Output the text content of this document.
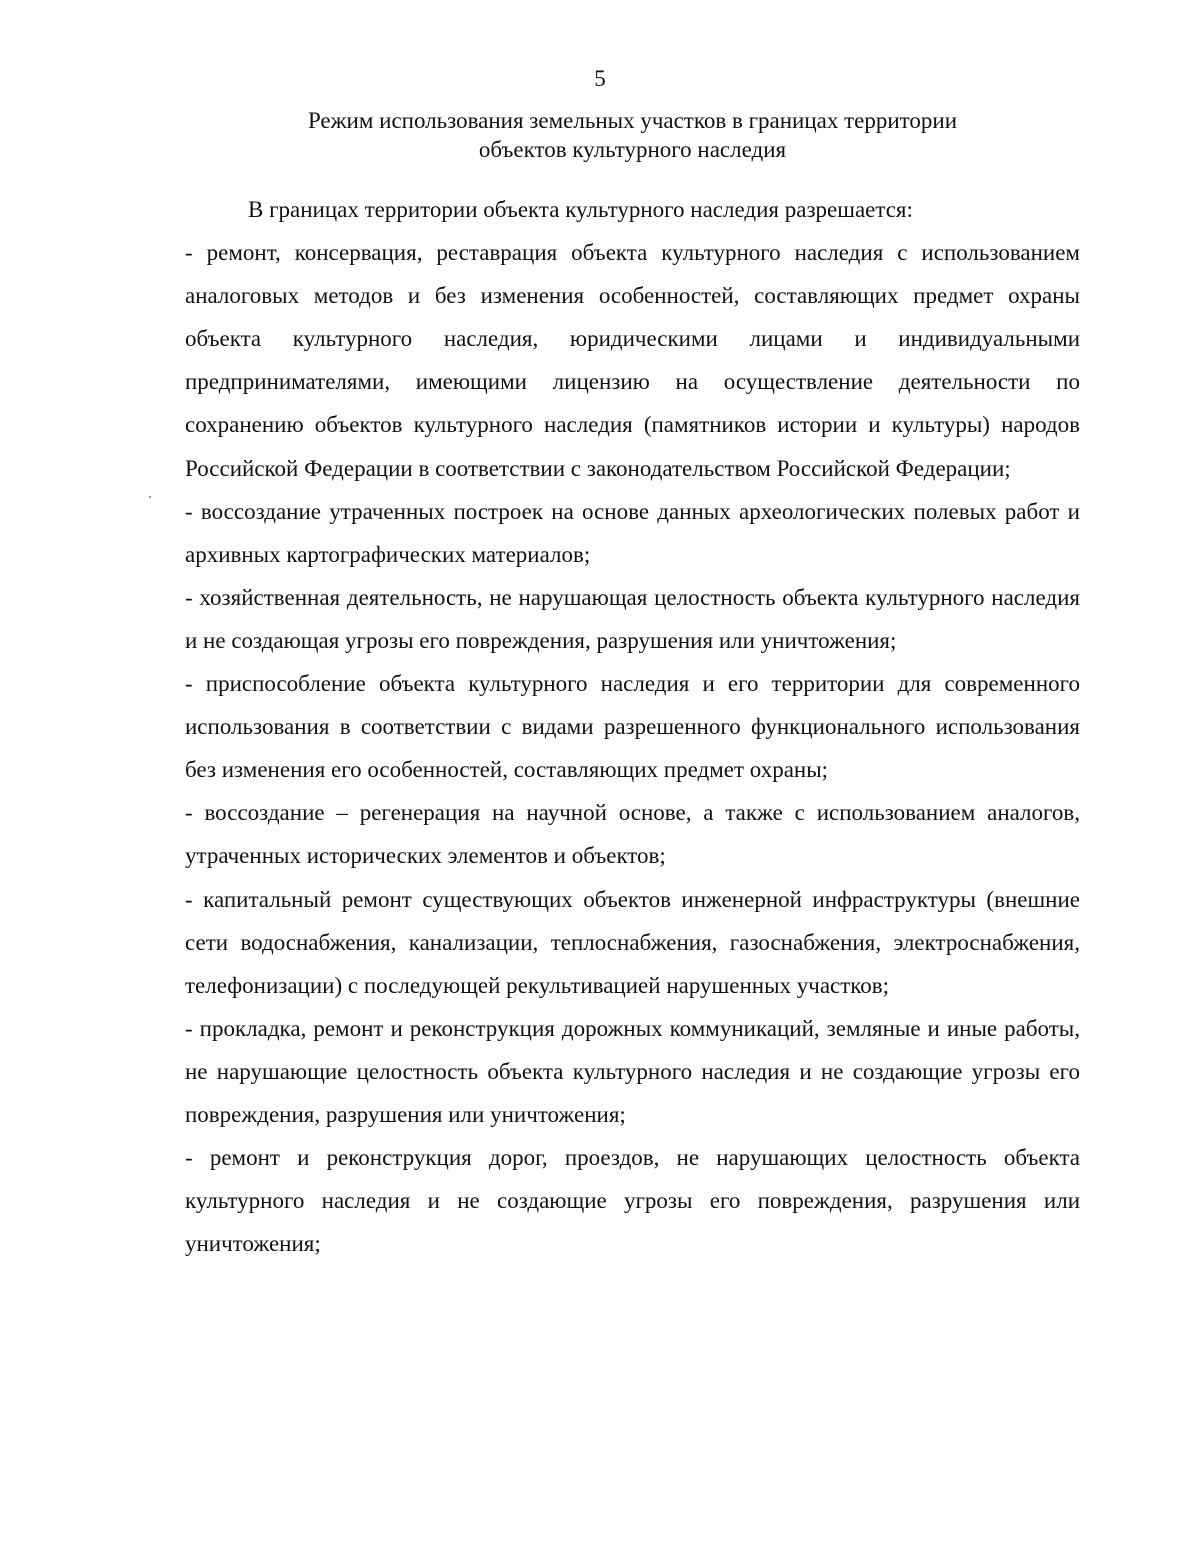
5
Режим использования земельных участков в границах территории
объектов культурного наследия

В границах территории объекта культурного наследия разрешается:

- ремонт, консервация, реставрация объекта культурного наследия с использованием аналоговых методов и без изменения особенностей, составляющих предмет охраны объекта культурного наследия, юридическими лицами и индивидуальными предпринимателями, имеющими лицензию на осуществление деятельности по сохранению объектов культурного наследия (памятников истории и культуры) народов Российской Федерации в соответствии с законодательством Российской Федерации;

- воссоздание утраченных построек на основе данных археологических полевых работ и архивных картографических материалов;

- хозяйственная деятельность, не нарушающая целостность объекта культурного наследия и не создающая угрозы его повреждения, разрушения или уничтожения;

- приспособление объекта культурного наследия и его территории для современного использования в соответствии с видами разрешенного функционального использования без изменения его особенностей, составляющих предмет охраны;

- воссоздание – регенерация на научной основе, а также с использованием аналогов, утраченных исторических элементов и объектов;

- капитальный ремонт существующих объектов инженерной инфраструктуры (внешние сети водоснабжения, канализации, теплоснабжения, газоснабжения, электроснабжения, телефонизации) с последующей рекультивацией нарушенных участков;

- прокладка, ремонт и реконструкция дорожных коммуникаций, земляные и иные работы, не нарушающие целостность объекта культурного наследия и не создающие угрозы его повреждения, разрушения или уничтожения;

- ремонт и реконструкция дорог, проездов, не нарушающих целостность объекта культурного наследия и не создающие угрозы его повреждения, разрушения или уничтожения;
